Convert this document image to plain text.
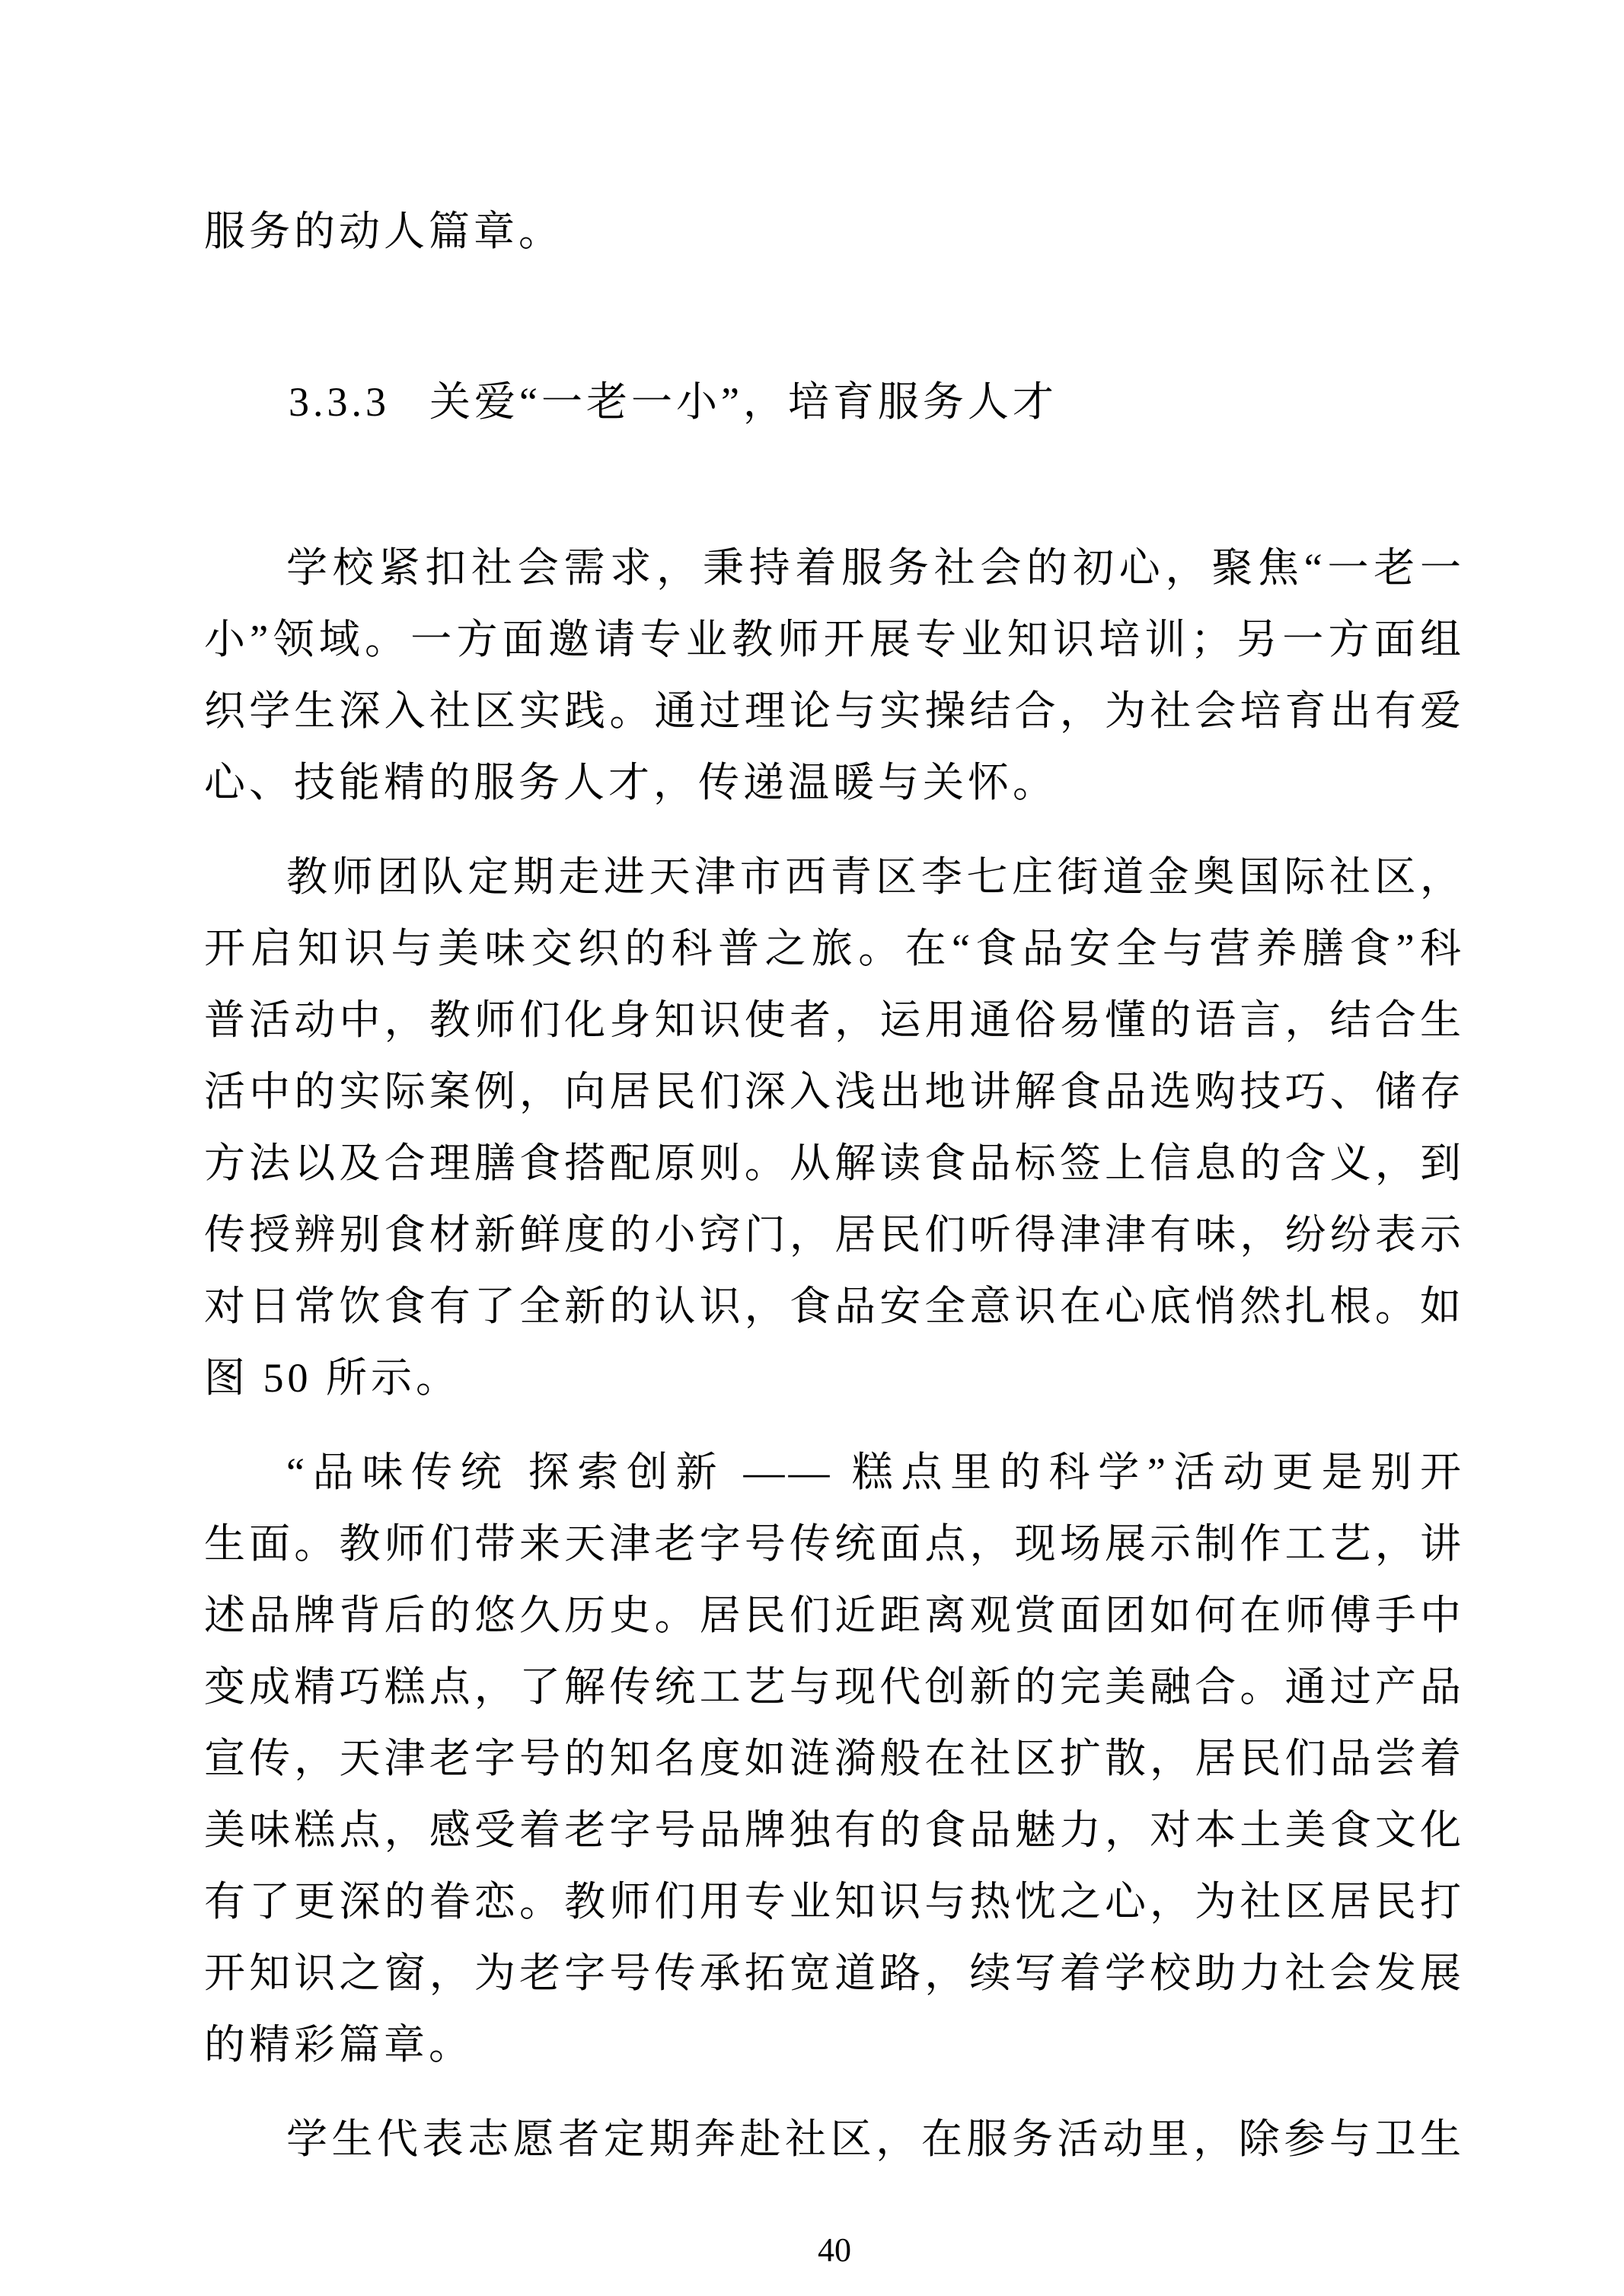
服务的动人篇章。

3.3.3 关爱“一老一小”，培育服务人才

学校紧扣社会需求，秉持着服务社会的初心，聚焦“一老一
小”领域。一方面邀请专业教师开展专业知识培训；另一方面组
织学生深入社区实践。通过理论与实操结合，为社会培育出有爱
心、技能精的服务人才，传递温暖与关怀。
教师团队定期走进天津市西青区李七庄街道金奥国际社区，
开启知识与美味交织的科普之旅。在“食品安全与营养膳食”科
普活动中，教师们化身知识使者，运用通俗易懂的语言，结合生
活中的实际案例，向居民们深入浅出地讲解食品选购技巧、储存
方法以及合理膳食搭配原则。从解读食品标签上信息的含义，到
传授辨别食材新鲜度的小窍门，居民们听得津津有味，纷纷表示
对日常饮食有了全新的认识，食品安全意识在心底悄然扎根。如
图 50 所示。
“品味传统 探索创新 —— 糕点里的科学”活动更是别开
生面。教师们带来天津老字号传统面点，现场展示制作工艺，讲
述品牌背后的悠久历史。居民们近距离观赏面团如何在师傅手中
变成精巧糕点，了解传统工艺与现代创新的完美融合。通过产品
宣传，天津老字号的知名度如涟漪般在社区扩散，居民们品尝着
美味糕点，感受着老字号品牌独有的食品魅力，对本土美食文化
有了更深的眷恋。教师们用专业知识与热忱之心，为社区居民打
开知识之窗，为老字号传承拓宽道路，续写着学校助力社会发展
的精彩篇章。
学生代表志愿者定期奔赴社区，在服务活动里，除参与卫生
40
